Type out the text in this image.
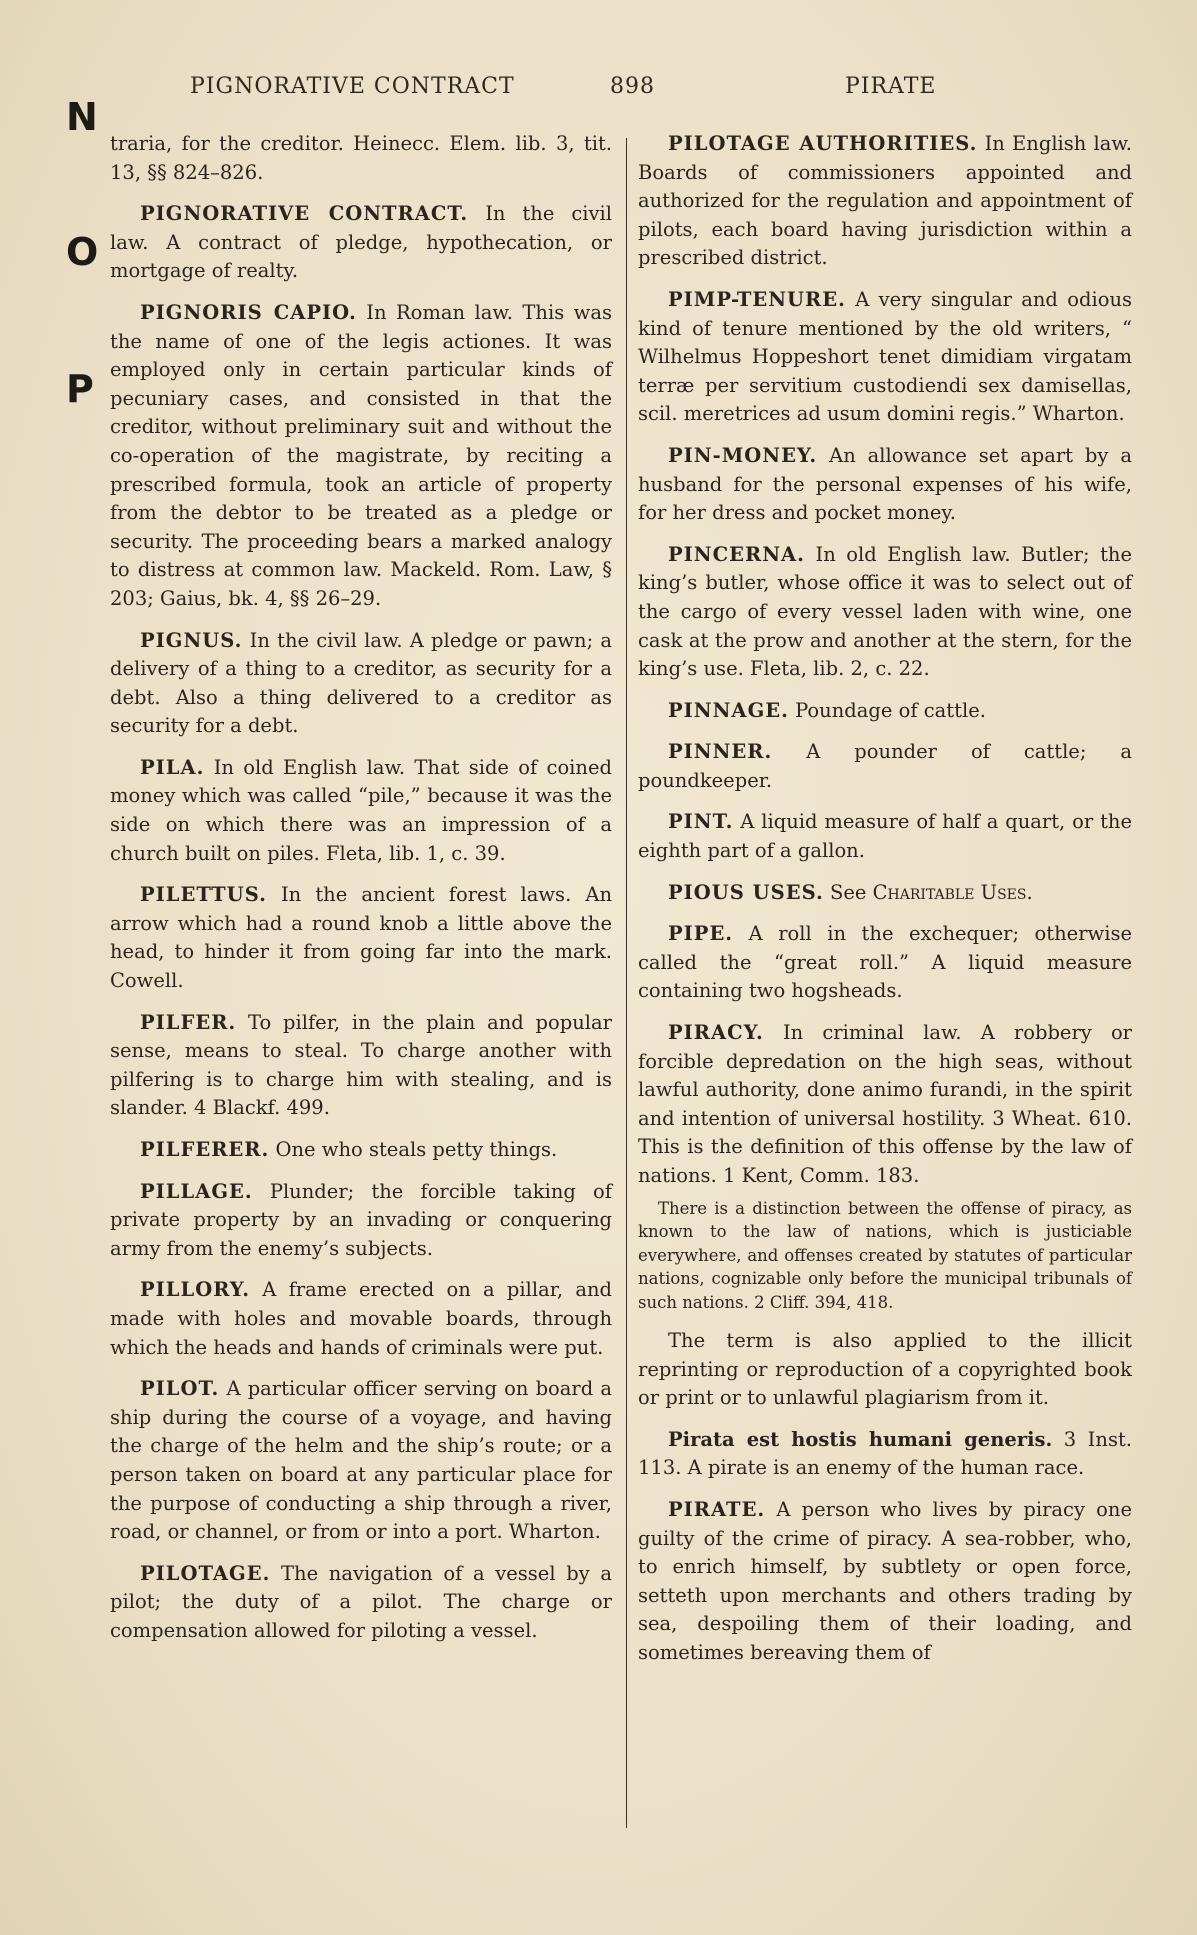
PIGNORATIVE CONTRACT	898	PIRATE
N
O
P

traria, for the creditor. Heinecc. Elem. lib. 3, tit. 13, §§ 824–826.

PIGNORATIVE CONTRACT. In the civil law. A contract of pledge, hypothecation, or mortgage of realty.

PIGNORIS CAPIO. In Roman law. This was the name of one of the legis actiones. It was employed only in certain particular kinds of pecuniary cases, and consisted in that the creditor, without preliminary suit and without the co-operation of the magistrate, by reciting a prescribed formula, took an article of property from the debtor to be treated as a pledge or security. The proceeding bears a marked analogy to distress at common law. Mackeld. Rom. Law, § 203; Gaius, bk. 4, §§ 26–29.

PIGNUS. In the civil law. A pledge or pawn; a delivery of a thing to a creditor, as security for a debt. Also a thing delivered to a creditor as security for a debt.

PILA. In old English law. That side of coined money which was called “pile,” because it was the side on which there was an impression of a church built on piles. Fleta, lib. 1, c. 39.

PILETTUS. In the ancient forest laws. An arrow which had a round knob a little above the head, to hinder it from going far into the mark. Cowell.

PILFER. To pilfer, in the plain and popular sense, means to steal. To charge another with pilfering is to charge him with stealing, and is slander. 4 Blackf. 499.

PILFERER. One who steals petty things.

PILLAGE. Plunder; the forcible taking of private property by an invading or conquering army from the enemy’s subjects.

PILLORY. A frame erected on a pillar, and made with holes and movable boards, through which the heads and hands of criminals were put.

PILOT. A particular officer serving on board a ship during the course of a voyage, and having the charge of the helm and the ship’s route; or a person taken on board at any particular place for the purpose of conducting a ship through a river, road, or channel, or from or into a port. Wharton.

PILOTAGE. The navigation of a vessel by a pilot; the duty of a pilot. The charge or compensation allowed for piloting a vessel.

PILOTAGE AUTHORITIES. In English law. Boards of commissioners appointed and authorized for the regulation and appointment of pilots, each board having jurisdiction within a prescribed district.

PIMP-TENURE. A very singular and odious kind of tenure mentioned by the old writers, “ Wilhelmus Hoppeshort tenet dimidiam virgatam terræ per servitium custodiendi sex damisellas, scil. meretrices ad usum domini regis.” Wharton.

PIN-MONEY. An allowance set apart by a husband for the personal expenses of his wife, for her dress and pocket money.

PINCERNA. In old English law. Butler; the king’s butler, whose office it was to select out of the cargo of every vessel laden with wine, one cask at the prow and another at the stern, for the king’s use. Fleta, lib. 2, c. 22.

PINNAGE. Poundage of cattle.

PINNER. A pounder of cattle; a poundkeeper.

PINT. A liquid measure of half a quart, or the eighth part of a gallon.

PIOUS USES. See Charitable Uses.

PIPE. A roll in the exchequer; otherwise called the “great roll.” A liquid measure containing two hogsheads.

PIRACY. In criminal law. A robbery or forcible depredation on the high seas, without lawful authority, done animo furandi, in the spirit and intention of universal hostility. 3 Wheat. 610. This is the definition of this offense by the law of nations. 1 Kent, Comm. 183.

There is a distinction between the offense of piracy, as known to the law of nations, which is justiciable everywhere, and offenses created by statutes of particular nations, cognizable only before the municipal tribunals of such nations. 2 Cliff. 394, 418.

The term is also applied to the illicit reprinting or reproduction of a copyrighted book or print or to unlawful plagiarism from it.

Pirata est hostis humani generis. 3 Inst. 113. A pirate is an enemy of the human race.

PIRATE. A person who lives by piracy one guilty of the crime of piracy. A sea-robber, who, to enrich himself, by subtlety or open force, setteth upon merchants and others trading by sea, despoiling them of their loading, and sometimes bereaving them of
